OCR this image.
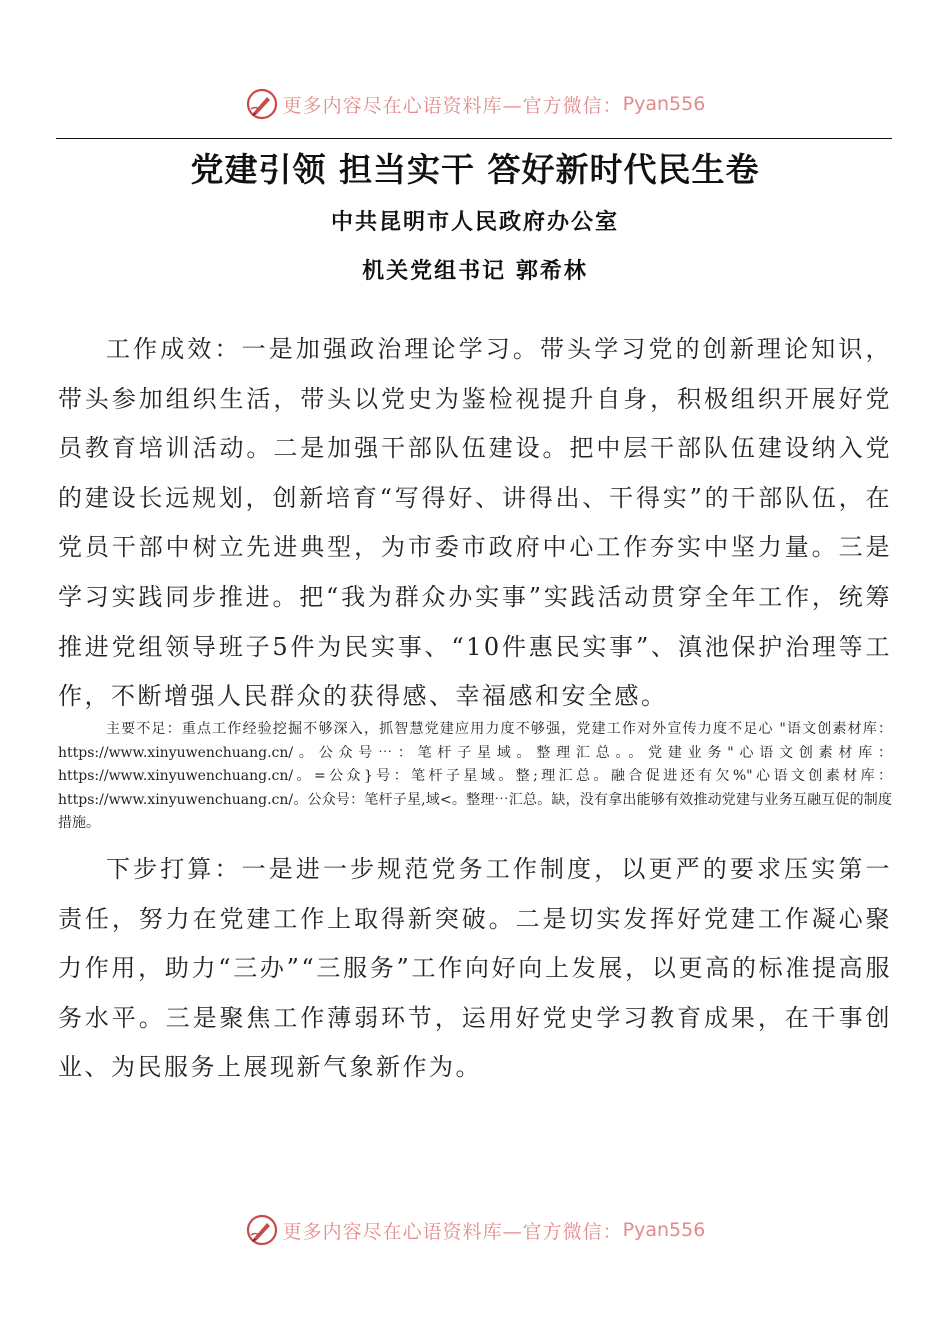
更多内容尽在心语资料库—官方微信： Pyan556
党建引领 担当实干 答好新时代民生卷
中共昆明市人民政府办公室
机关党组书记 郭希林

工作成效：一是加强政治理论学习。带头学习党的创新理论知识，带头参加组织生活，带头以党史为鉴检视提升自身，积极组织开展好党员教育培训活动。二是加强干部队伍建设。把中层干部队伍建设纳入党的建设长远规划，创新培育“写得好、讲得出、干得实”的干部队伍，在党员干部中树立先进典型，为市委市政府中心工作夯实中坚力量。三是学习实践同步推进。把“我为群众办实事”实践活动贯穿全年工作，统筹推进党组领导班子5件为民实事、“10件惠民实事”、滇池保护治理等工作，不断增强人民群众的获得感、幸福感和安全感。

主要不足：重点工作经验挖掘不够深入，抓智慧党建应用力度不够强，党建工作对外宣传力度不足心 "语文创素材库：https://www.xinyuwenchuang.cn/。公众号⋯：笔杆子星域。整理汇总。。党建业务"心语文创素材库：https://www.xinyuwenchuang.cn/。=公众}号：笔杆子星域。整;理汇总。融合促进还有欠%"心语文创素材库：https://www.xinyuwenchuang.cn/。公众号：笔杆子星,域<。整理⋯汇总。缺，没有拿出能够有效推动党建与业务互融互促的制度措施。

下步打算：一是进一步规范党务工作制度，以更严的要求压实第一责任，努力在党建工作上取得新突破。二是切实发挥好党建工作凝心聚力作用，助力“三办”“三服务”工作向好向上发展，以更高的标准提高服务水平。三是聚焦工作薄弱环节，运用好党史学习教育成果，在干事创业、为民服务上展现新气象新作为。

更多内容尽在心语资料库—官方微信： Pyan556
